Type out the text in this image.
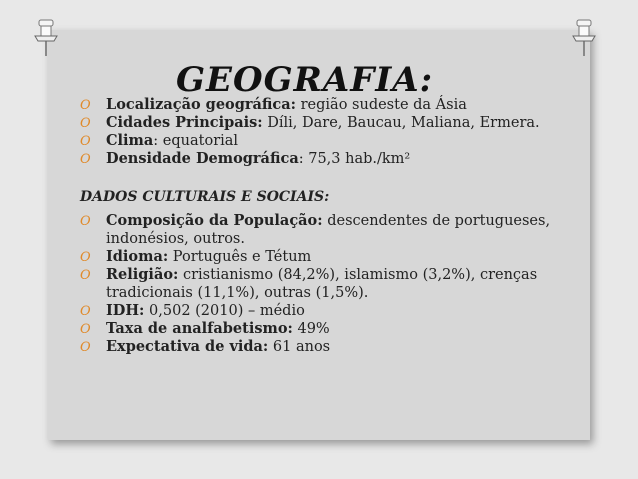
GEOGRAFIA:
O Localização geográfica: região sudeste da Ásia
O Cidades Principais: Díli, Dare, Baucau, Maliana, Ermera.
O Clima: equatorial
O Densidade Demográfica: 75,3 hab./km²
DADOS CULTURAIS E SOCIAIS:
O Composição da População: descendentes de portugueses, indonésios, outros.
O Idioma: Português e Tétum
O Religião: cristianismo (84,2%), islamismo (3,2%), crenças tradicionais (11,1%), outras (1,5%).
O IDH: 0,502 (2010) – médio
O Taxa de analfabetismo: 49%
O Expectativa de vida: 61 anos
